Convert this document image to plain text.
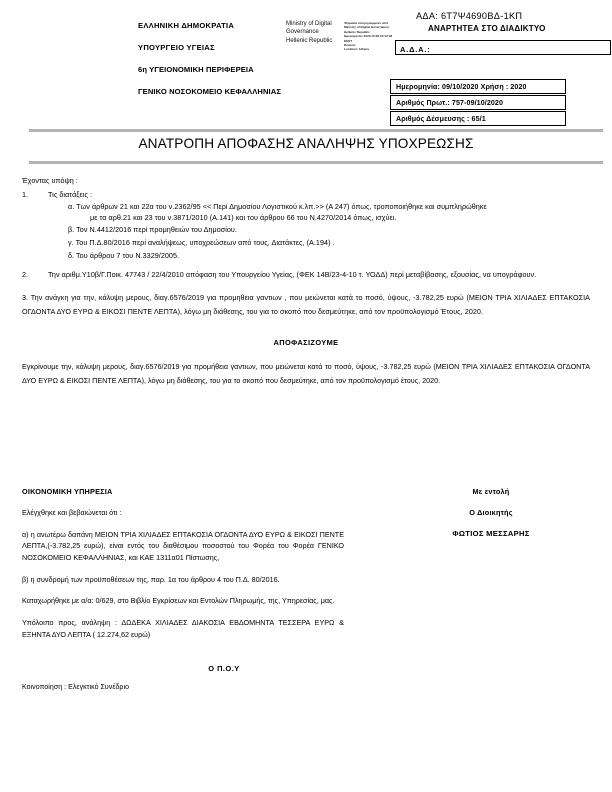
ΕΛΛΗΝΙΚΗ ΔΗΜΟΚΡΑΤΙΑ
ΥΠΟΥΡΓΕΙΟ ΥΓΕΙΑΣ
6η ΥΓΕΙΟΝΟΜΙΚΗ ΠΕΡΙΦΕΡΕΙΑ
ΓΕΝΙΚΟ ΝΟΣΟΚΟΜΕΙΟ ΚΕΦΑΛΛΗΝΙΑΣ
Ministry of Digital
Governance
Hellenic Republic
Ψηφιακά υπογεγραμμένο από
Ministry of Digital Governance,
Hellenic Republic
Ημερομηνία: 2020.10.08 10:12:33
EEST
Reason:
Location: Athens
ΑΔΑ: 6Τ7Ψ4690ΒΔ-1ΚΠ
ΑΝΑΡΤΗΤΕΑ ΣΤΟ ΔΙΑΔΙΚΤΥΟ
Α.Δ.Α.:
Ημερομηνία: 09/10/2020 Χρήση : 2020
Αριθμός Πρωτ.: 757-09/10/2020
Αριθμός Δέσμευσης : 65/1
ΑΝΑΤΡΟΠΗ ΑΠΟΦΑΣΗΣ ΑΝΑΛΗΨΗΣ ΥΠΟΧΡΕΩΣΗΣ
Έχοντας υπόψη :
1.	Τις διατάξεις :
α. Των άρθρων 21 και 22α του ν.2362/95 << Περί Δημοσίου Λογιστικού κ.λπ.>> (Α 247) όπως, τροποποιήθηκε και συμπληρώθηκε
με τα αρθ.21 και 23 του ν.3871/2010 (Α.141) και του άρθρου 66 του Ν.4270/2014 όπως, ισχύει.
β. Τον Ν.4412/2016 περί προμηθειών του Δημοσίου.
γ. Του Π.Δ.80/2016 περί αναλήψεως, υποχρεώσεων από τους, Διατάκτες, (Α.194) .
δ. Του άρθρου 7 του Ν.3329/2005.
2.	Την αριθμ.Υ10β/Γ.Ποικ. 47743 / 22/4/2010 απόφαση του Υπουργείου Υγείας, (ΦΕΚ 14Β/23-4-10 τ. ΥΟΔΔ) περί μεταβίβασης, εξουσίας, να υπογράφουν.
3. Την ανάγκη για την, κάλυψη μερους, διαγ.6576/2019 για προμηθεια γαντιων , που μειώνεται κατά το ποσό, ύψους, -3.782,25 ευρώ (ΜΕΙΟΝ ΤΡΙΑ ΧΙΛΙΑΔΕΣ ΕΠΤΑΚΟΣΙΑ ΟΓΔΟΝΤΑ ΔΥΟ ΕΥΡΩ & ΕΙΚΟΣΙ ΠΕΝΤΕ ΛΕΠΤΑ), λόγω μη διάθεσης, του για το σκοπό που δεσμεύτηκε, από τον προϋπολογισμό Έτους, 2020.
ΑΠΟΦΑΣΙΖΟΥΜΕ
Εγκρίνουμε την, κάλυψη μερους, διαγ.6576/2019 για προμήθεια γαντιων, που μειώνεται κατά το ποσό, ύψους, -3.782,25 ευρώ (ΜΕΙΟΝ ΤΡΙΑ ΧΙΛΙΑΔΕΣ ΕΠΤΑΚΟΣΙΑ ΟΓΔΟΝΤΑ ΔΥΟ ΕΥΡΩ & ΕΙΚΟΣΙ ΠΕΝΤΕ ΛΕΠΤΑ), λόγω μη διάθεσης, του για το σκοπό που δεσμεύτηκε, από τον προϋπολογισμό έτους, 2020.
ΟΙΚΟΝΟΜΙΚΗ ΥΠΗΡΕΣΙΑ

Ελέγχθηκε και βεβαιώνεται ότι :

α) η ανωτέρω δαπάνη ΜΕΙΟΝ ΤΡΙΑ ΧΙΛΙΑΔΕΣ ΕΠΤΑΚΟΣΙΑ ΟΓΔΟΝΤΑ ΔΥΟ ΕΥΡΩ & ΕΙΚΟΣΙ ΠΕΝΤΕ ΛΕΠΤΑ,(-3.782,25 ευρώ), είναι εντός του διαθέσιμου ποσοστού του Φορέα του Φορέα ΓΕΝΙΚΟ ΝΟΣΟΚΟΜΕΙΟ ΚΕΦΑΛΛΗΝΙΑΣ, και ΚΑΕ 1311α01 Πίστωσης,

β) η συνδρομή των προϋποθέσεων της, παρ. 1α του άρθρου 4 του Π.Δ. 80/2016.

Καταχωρήθηκε με α/α: 0/629, στο Βιβλίο Εγκρίσεων και Εντολών Πληρωμής, της, Υπηρεσίας, μας.

Υπόλοιπο προς, ανάληψη : ΔΩΔΕΚΑ ΧΙΛΙΑΔΕΣ ΔΙΑΚΟΣΙΑ ΕΒΔΟΜΗΝΤΑ ΤΕΣΣΕΡΑ ΕΥΡΩ & ΕΞΗΝΤΑ ΔΥΟ ΛΕΠΤΑ ( 12.274,62 ευρώ)

Με εντολή
Ο Διοικητής
ΦΩΤΙΟΣ ΜΕΣΣΑΡΗΣ
Ο Π.Ο.Υ
Κοινοποίηση : Ελεγκτικό Συνέδριο
